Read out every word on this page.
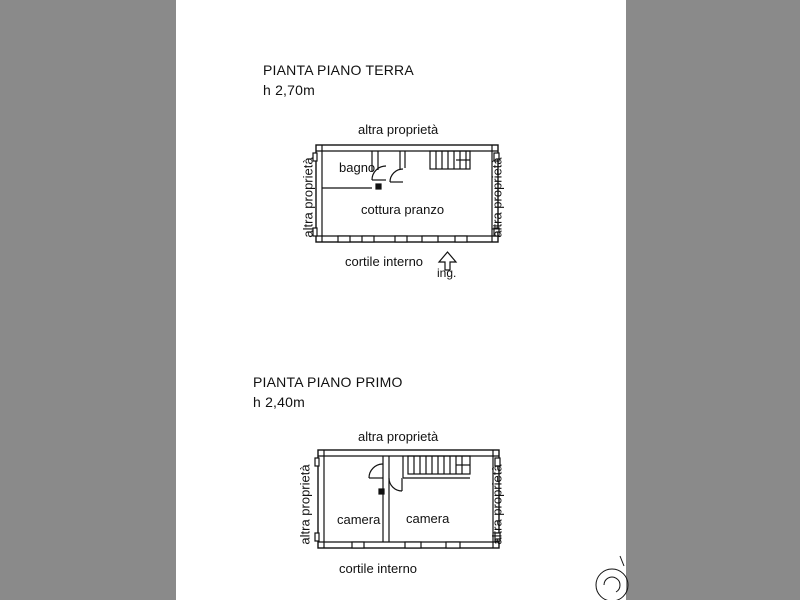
PIANTA PIANO TERRA
h 2,70m
altra proprietà
altra proprietà	altra proprietà
bagno
cottura pranzo
cortile interno
ing.
PIANTA PIANO PRIMO
h 2,40m
altra proprietà
altra proprietà	altra proprietà
camera camera
cortile interno
